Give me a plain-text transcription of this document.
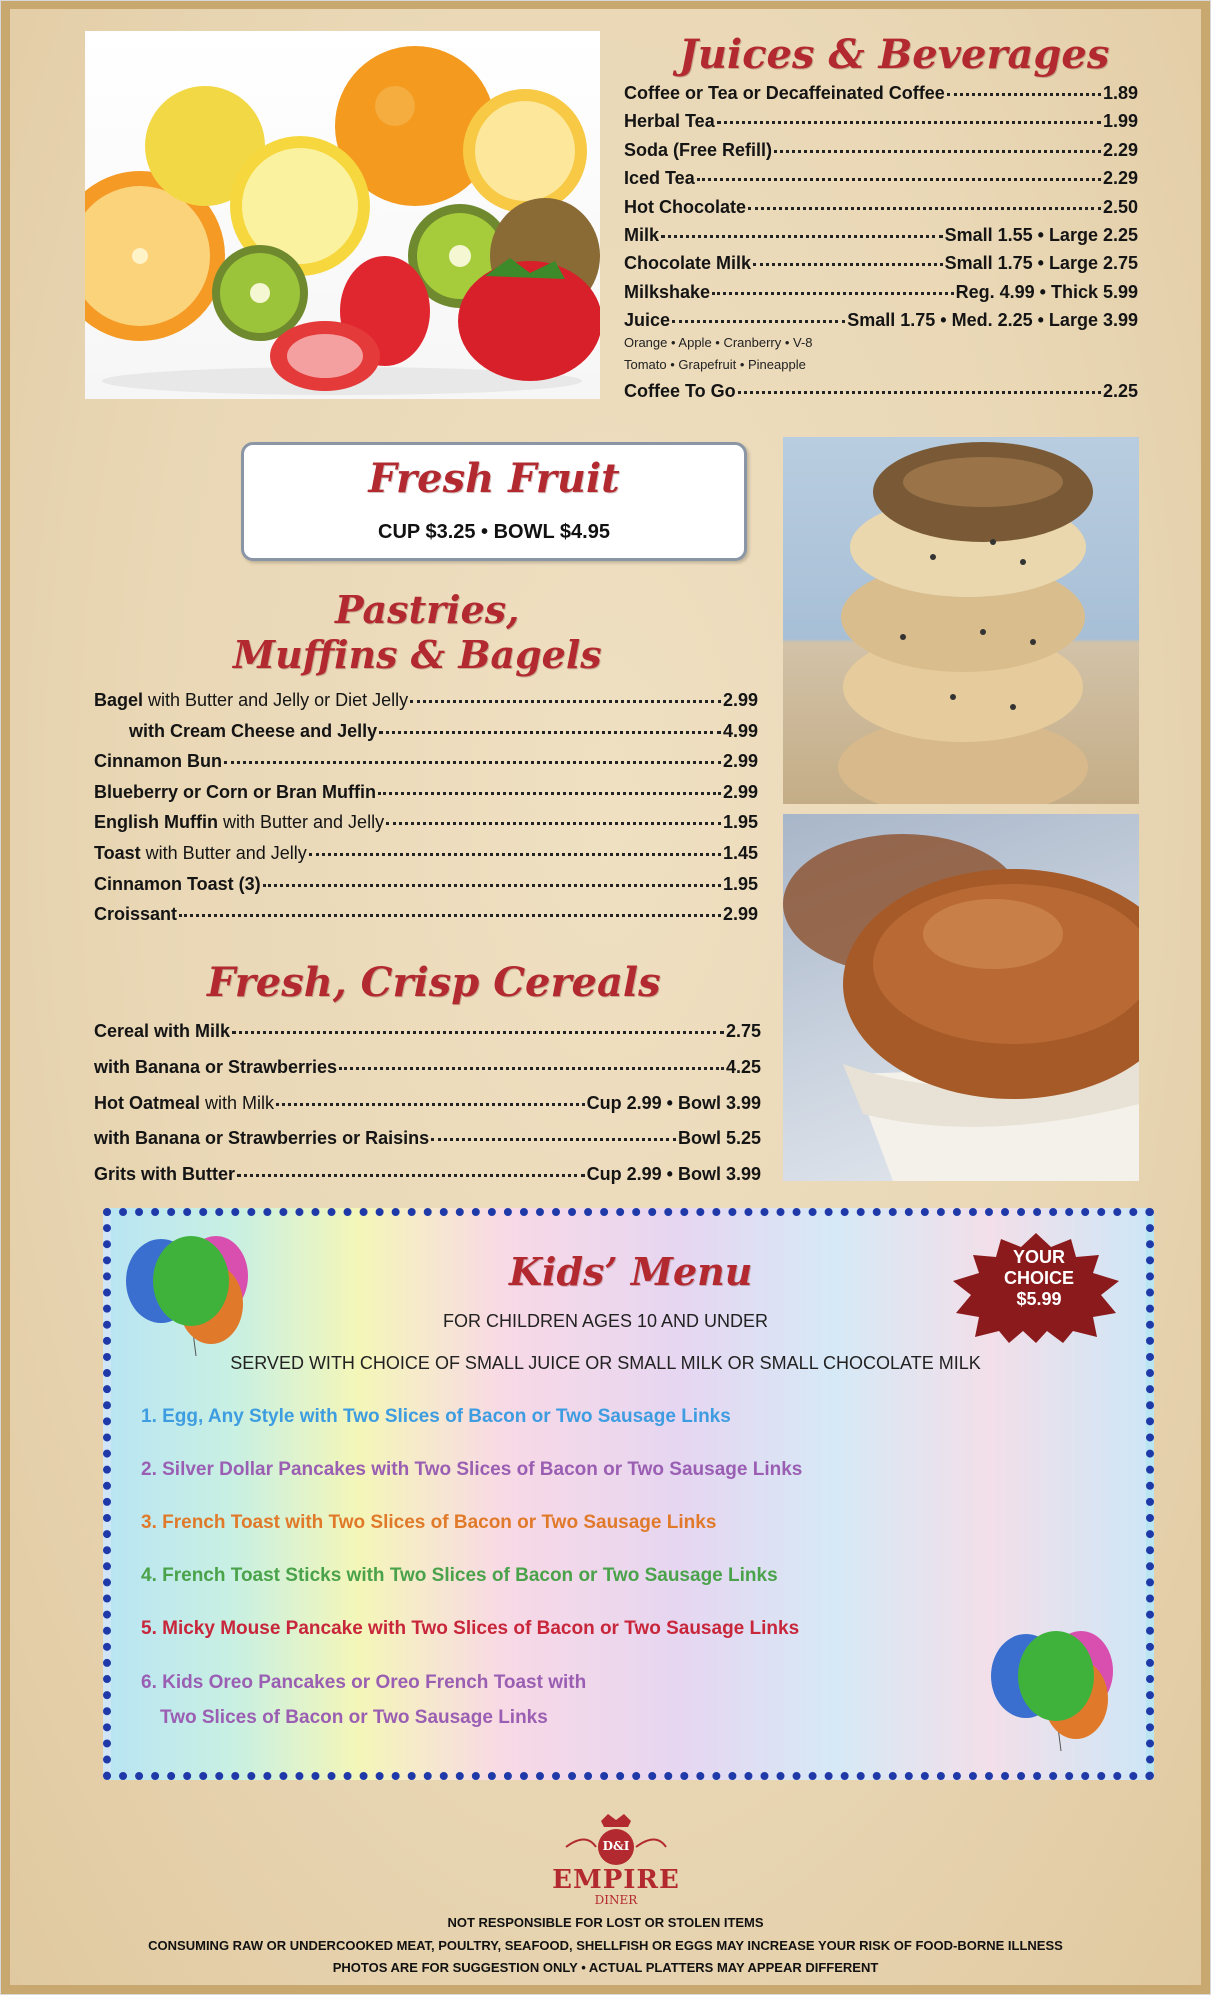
Juices & Beverages
Coffee or Tea or Decaffeinated Coffee	1.89
Herbal Tea	1.99
Soda (Free Refill)	2.29
Iced Tea	2.29
Hot Chocolate	2.50
Milk	Small 1.55 • Large 2.25
Chocolate Milk	Small 1.75 • Large 2.75
Milkshake	Reg. 4.99 • Thick 5.99
Juice	Small 1.75 • Med. 2.25 • Large 3.99
Coffee To Go	2.25
Orange • Apple • Cranberry • V-8
Tomato • Grapefruit • Pineapple
Fresh Fruit
CUP $3.25 • BOWL $4.95
Pastries,
Muffins & Bagels
Bagel with Butter and Jelly or Diet Jelly	2.99
with Cream Cheese and Jelly	4.99
Cinnamon Bun	2.99
Blueberry or Corn or Bran Muffin	2.99
English Muffin with Butter and Jelly	1.95
Toast with Butter and Jelly	1.45
Cinnamon Toast (3)	1.95
Croissant	2.99
Fresh, Crisp Cereals
Cereal with Milk	2.75
with Banana or Strawberries	4.25
Hot Oatmeal with Milk	Cup 2.99 • Bowl 3.99
with Banana or Strawberries or Raisins	Bowl 5.25
Grits with Butter	Cup 2.99 • Bowl 3.99
YOUR
CHOICE
$5.99
Kids’ Menu
FOR CHILDREN AGES 10 AND UNDER
SERVED WITH CHOICE OF SMALL JUICE OR SMALL MILK OR SMALL CHOCOLATE MILK
1. Egg, Any Style with Two Slices of Bacon or Two Sausage Links
2. Silver Dollar Pancakes with Two Slices of Bacon or Two Sausage Links
3. French Toast with Two Slices of Bacon or Two Sausage Links
4. French Toast Sticks with Two Slices of Bacon or Two Sausage Links
5. Micky Mouse Pancake with Two Slices of Bacon or Two Sausage Links
6. Kids Oreo Pancakes or Oreo French Toast with
Two Slices of Bacon or Two Sausage Links
D&I
EMPIRE
DINER
NOT RESPONSIBLE FOR LOST OR STOLEN ITEMS
CONSUMING RAW OR UNDERCOOKED MEAT, POULTRY, SEAFOOD, SHELLFISH OR EGGS MAY INCREASE YOUR RISK OF FOOD-BORNE ILLNESS
PHOTOS ARE FOR SUGGESTION ONLY • ACTUAL PLATTERS MAY APPEAR DIFFERENT
